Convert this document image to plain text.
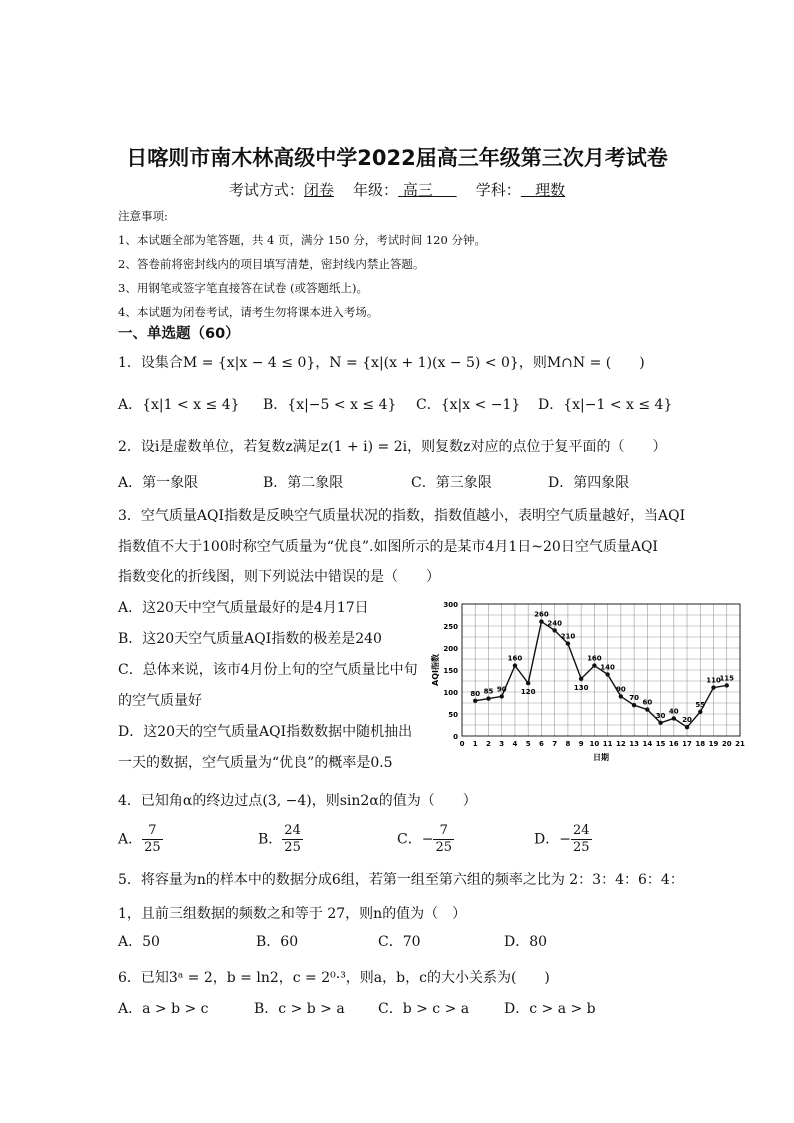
日喀则市南木林高级中学2022届高三年级第三次月考试卷
考试方式：闭卷 年级： 高三	学科： 理数
注意事项:
1、本试题全部为笔答题，共 4 页，满分 150 分，考试时间 120 分钟。
2、答卷前将密封线内的项目填写清楚，密封线内禁止答题。
3、用钢笔或签字笔直接答在试卷 (或答题纸上)。
4、本试题为闭卷考试，请考生勿将课本进入考场。
一、单选题（60）
1．设集合M = {x|x − 4 ≤ 0}，N = {x|(x + 1)(x − 5) < 0}，则M∩N = (　　)
A．{x|1 < x ≤ 4} B．{x|−5 < x ≤ 4} C．{x|x < −1} D．{x|−1 < x ≤ 4}
2．设i是虚数单位，若复数z满足z(1 + i) = 2i，则复数z对应的点位于复平面的（　　）
A．第一象限	B．第二象限	C．第三象限	D．第四象限
3．空气质量AQI指数是反映空气质量状况的指数，指数值越小，表明空气质量越好，当AQI
指数值不大于100时称空气质量为“优良”.如图所示的是某市4月1日~20日空气质量AQI
指数变化的折线图，则下列说法中错误的是（　　）
A．这20天中空气质量最好的是4月17日
B．这20天空气质量AQI指数的极差是240
C．总体来说，该市4月份上旬的空气质量比中旬
的空气质量好
D．这20天的空气质量AQI指数数据中随机抽出
一天的数据，空气质量为“优良”的概率是0.5
0
50
100
150
200
250
300
0 1 2 3 4 5 6 7 8 9 10 11 12 13 14 15 16 17 18 19 20 21
日期
AQI指数
80 85 90
160
120
260
240
210
130
160
140
90
70
60
30
40
20
55
110
115
4．已知角α的终边过点(3, −4)，则sin2α的值为（　　）
A． $\frac{7}{25}$	B． $\frac{24}{25}$	C．− $\frac{7}{25}$	D．− $\frac{24}{25}$
5．将容量为n的样本中的数据分成6组，若第一组至第六组的频率之比为 2：3：4：6：4：
1，且前三组数据的频数之和等于 27，则n的值为（　）
A．50	B．60	C．70	D．80
6．已知3ᵃ = 2，b = ln2，c = 2⁰·³，则a，b，c的大小关系为(　　)
A．a > b > c	B．c > b > a C．b > c > a D．c > a > b
